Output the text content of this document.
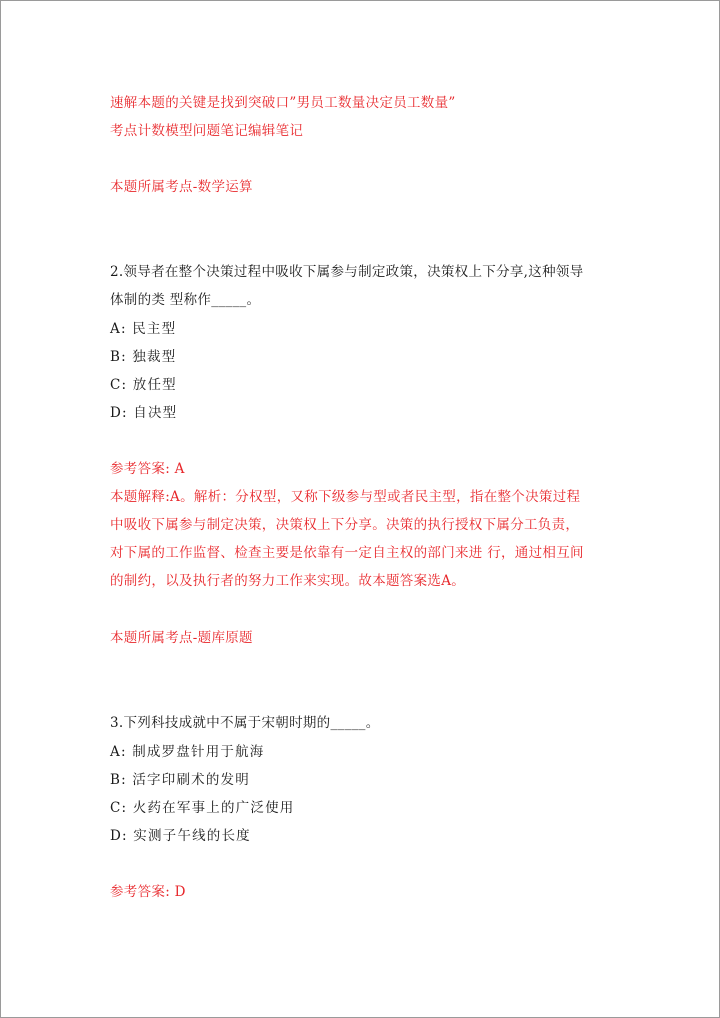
速解本题的关键是找到突破口”男员工数量决定员工数量”
考点计数模型问题笔记编辑笔记
本题所属考点-数学运算
2.领导者在整个决策过程中吸收下属参与制定政策，决策权上下分享,这种领导
体制的类 型称作_____。
A: 民主型
B: 独裁型
C: 放任型
D: 自决型
参考答案: A
本题解释:A。解析：分权型，又称下级参与型或者民主型，指在整个决策过程
中吸收下属参与制定决策，决策权上下分享。决策的执行授权下属分工负责，
对下属的工作监督、检查主要是依靠有一定自主权的部门来进 行，通过相互间
的制约，以及执行者的努力工作来实现。故本题答案选A。
本题所属考点-题库原题
3.下列科技成就中不属于宋朝时期的_____。
A: 制成罗盘针用于航海
B: 活字印刷术的发明
C: 火药在军事上的广泛使用
D: 实测子午线的长度
参考答案: D
